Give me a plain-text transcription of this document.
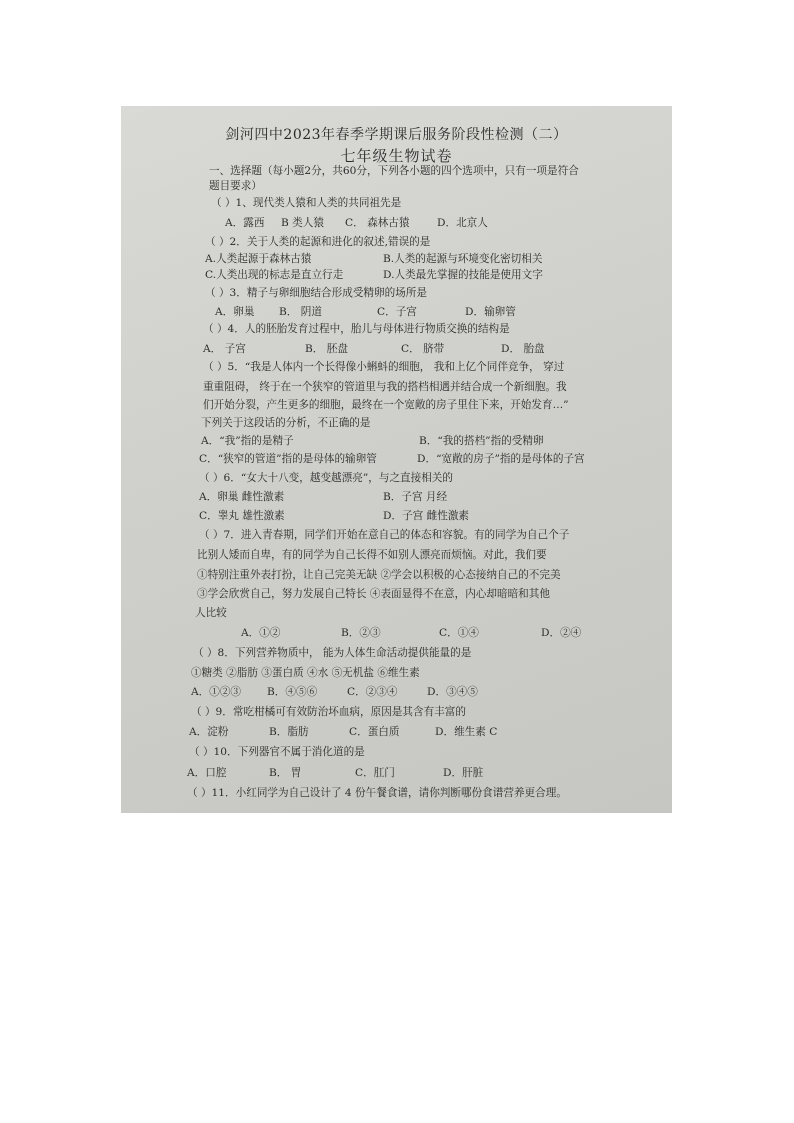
剑河四中2023年春季学期课后服务阶段性检测（二）
七年级生物试卷
一、选择题（每小题2分，共60分，下列各小题的四个选项中，只有一项是符合
题目要求）
（ ）1、现代类人猿和人类的共同祖先是
A．露西 B 类人猿 C． 森林古猿	D．北京人
（ ）2．关于人类的起源和进化的叙述,错误的是
A.人类起源于森林古猿	B.人类的起源与环境变化密切相关
C.人类出现的标志是直立行走	D.人类最先掌握的技能是使用文字
（ ）3．精子与卵细胞结合形成受精卵的场所是
A．卵巢 B． 阴道	C．子宫	D．输卵管
（ ）4．人的胚胎发育过程中，胎儿与母体进行物质交换的结构是
A． 子宫	B． 胚盘	C． 脐带	D． 胎盘
（ ）5．“我是人体内一个长得像小蝌蚪的细胞， 我和上亿个同伴竞争， 穿过
重重阻碍， 终于在一个狭窄的管道里与我的搭档相遇并结合成一个新细胞。我
们开始分裂，产生更多的细胞，最终在一个宽敞的房子里住下来，开始发育…”
下列关于这段话的分析，不正确的是
A．“我”指的是精子	B．“我的搭档”指的受精卵
C．“狭窄的管道”指的是母体的输卵管	D．“宽敞的房子”指的是母体的子宫
（ ）6．“女大十八变，越变越漂亮”，与之直接相关的
A．卵巢 雌性激素	B．子宫 月经
C．睾丸 雄性激素	D．子宫 雌性激素
（ ）7．进入青春期，同学们开始在意自己的体态和容貌。有的同学为自己个子
比别人矮而自卑，有的同学为自己长得不如别人漂亮而烦恼。对此，我们要
①特别注重外表打扮，让自己完美无缺 ②学会以积极的心态接纳自己的不完美
③学会欣赏自己，努力发展自己特长 ④表面显得不在意，内心却暗暗和其他
人比较
A．①②	B．②③	C．①④	D．②④
（ ）8．下列营养物质中， 能为人体生命活动提供能量的是
①糖类 ②脂肪 ③蛋白质 ④水 ⑤无机盐 ⑥维生素
A．①②③ B．④⑤⑥	C．②③④	D．③④⑤
（ ）9．常吃柑橘可有效防治坏血病，原因是其含有丰富的
A．淀粉	B．脂肪	C．蛋白质	D．维生素 C
（ ）10．下列器官不属于消化道的是
A．口腔	B． 胃	C．肛门	D．肝脏
（ ）11．小红同学为自己设计了 4 份午餐食谱，请你判断哪份食谱营养更合理。
